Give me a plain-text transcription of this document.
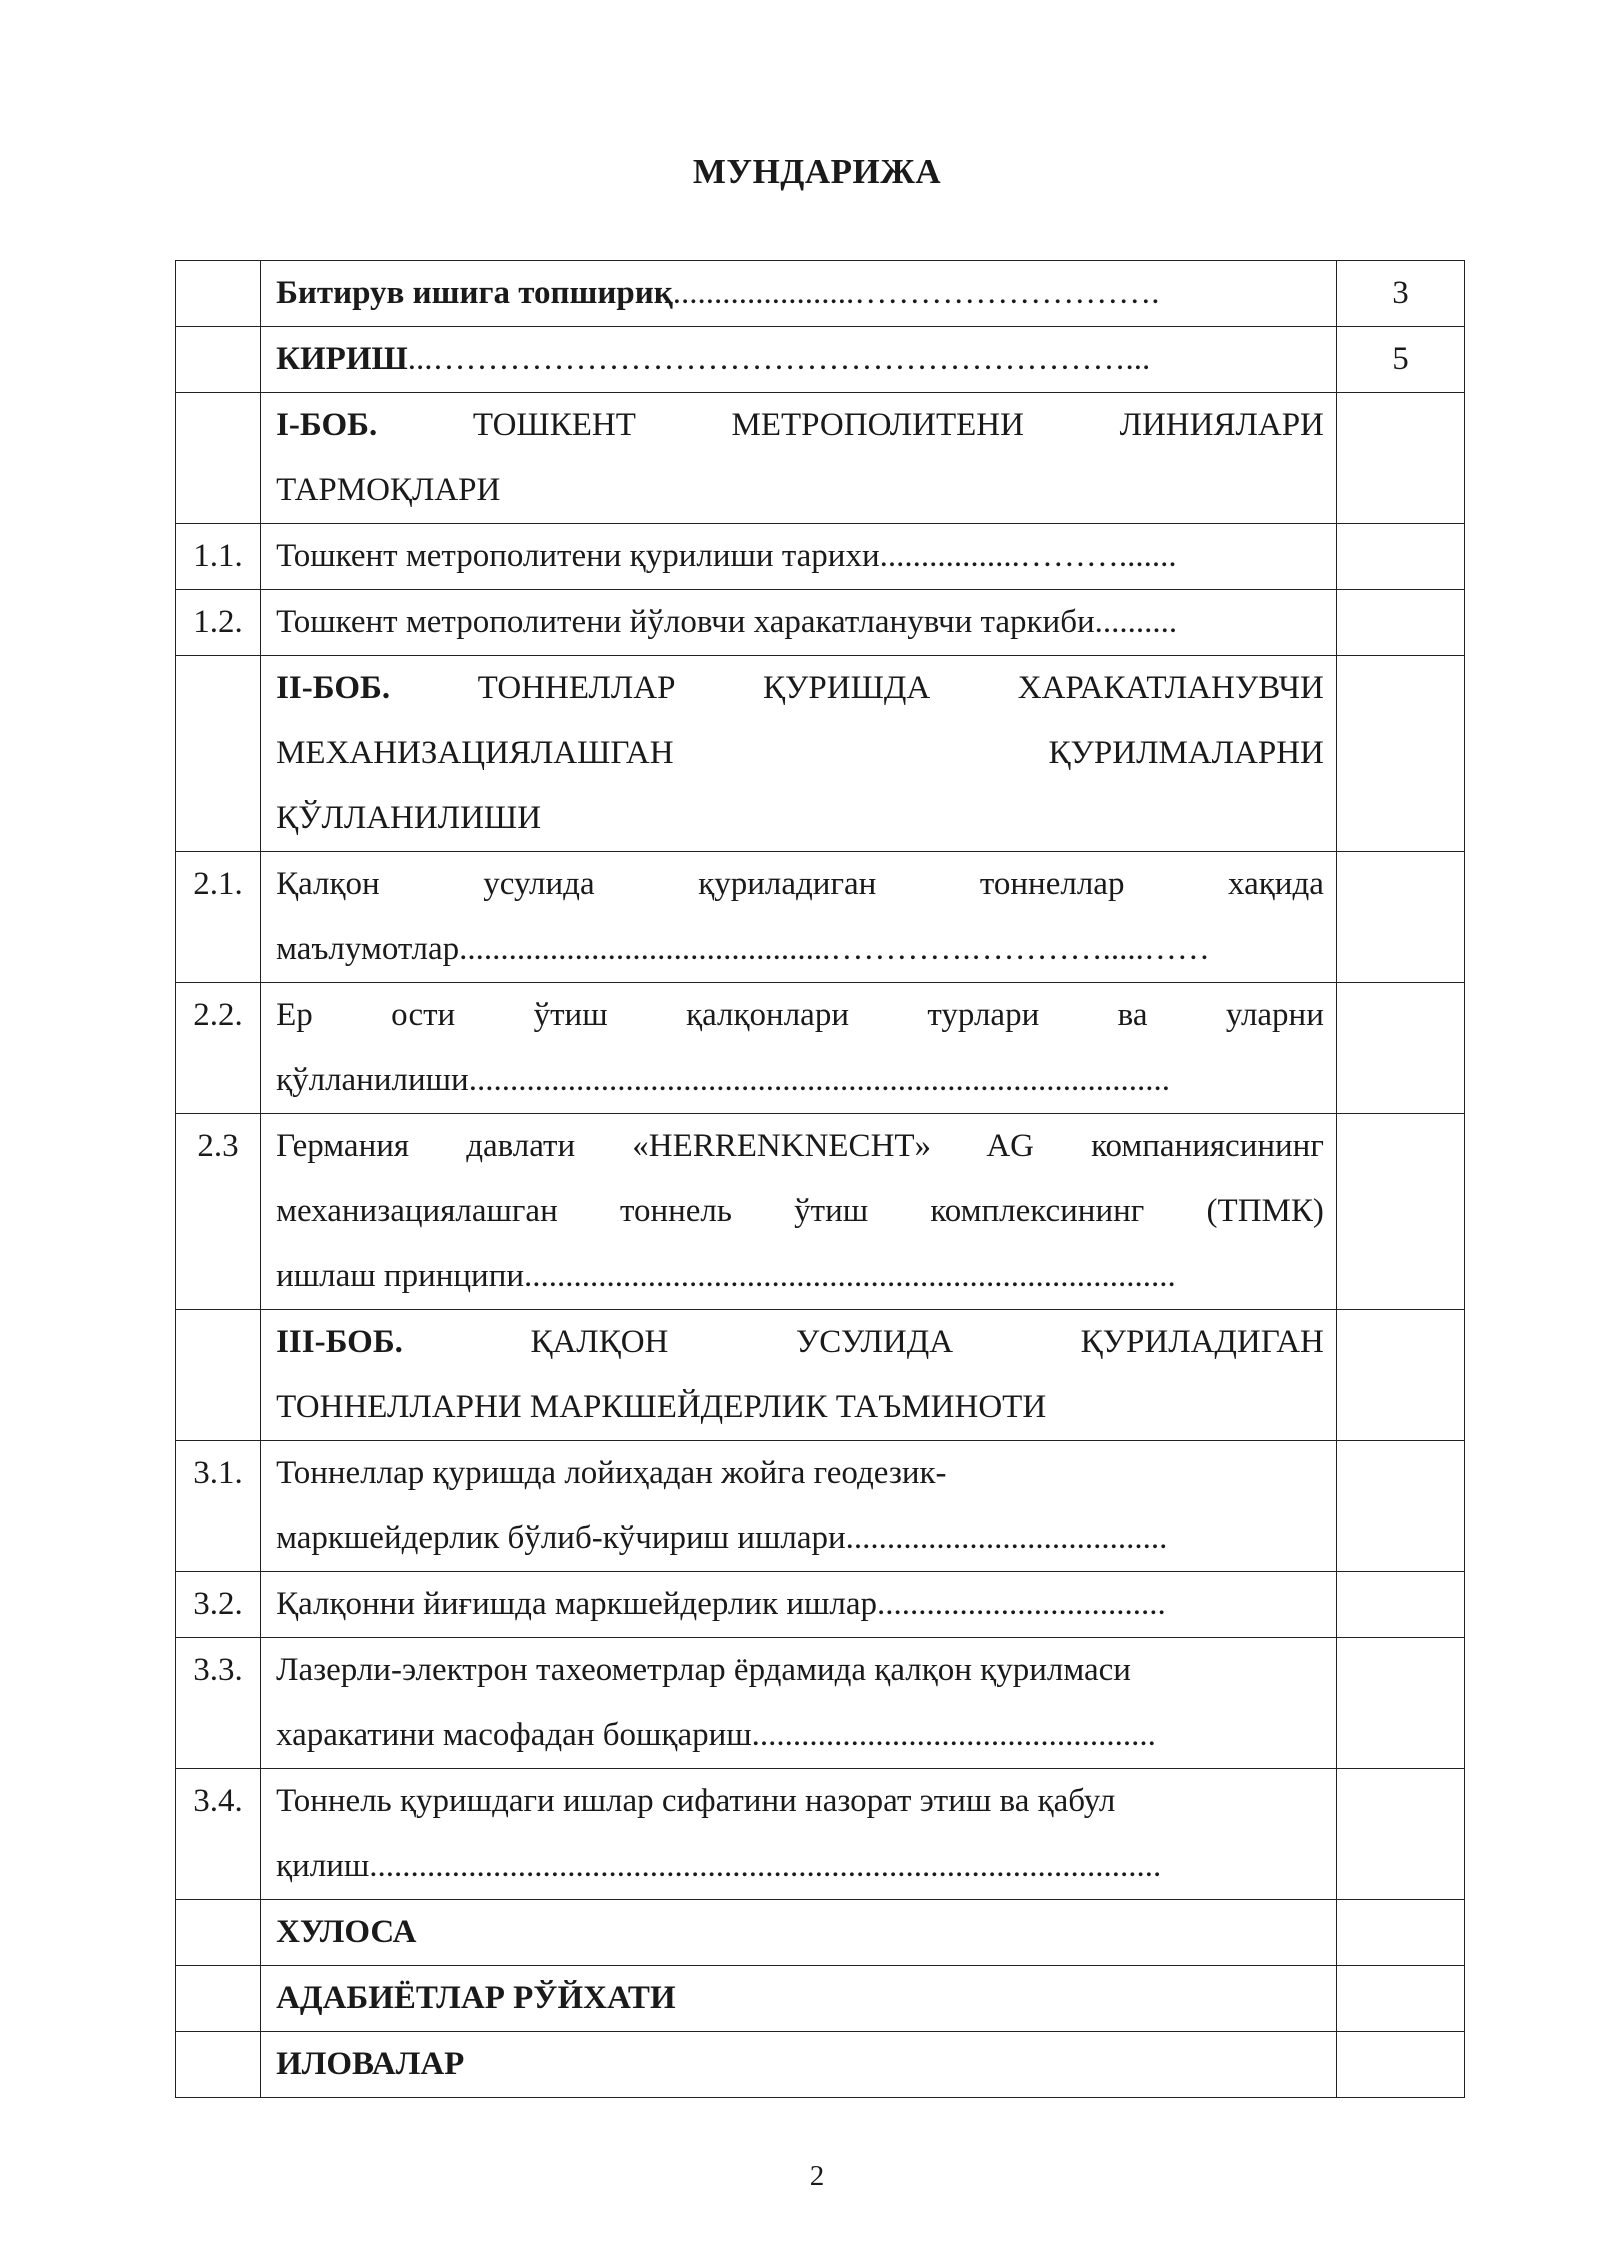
МУНДАРИЖА

	Битирув ишига топшириқ......................……………………….	3

	КИРИШ...………………………………………………………...	5

	I-БОБ. ТОШКЕНТ МЕТРОПОЛИТЕНИ ЛИНИЯЛАРИ
ТАРМОҚЛАРИ	

1.1.	Тошкент метрополитени қурилиши тарихи.................……….......	

1.2.	Тошкент метрополитени йўловчи харакатланувчи таркиби..........	

	II-БОБ. ТОННЕЛЛАР ҚУРИШДА ХАРАКАТЛАНУВЧИ
МЕХАНИЗАЦИЯЛАШГАН ҚУРИЛМАЛАРНИ
ҚЎЛЛАНИЛИШИ	

2.1.	Қалқон усулида қуриладиган тоннеллар хақида
маълумотлар.............................................………….………….....……	

2.2.	Ер ости ўтиш қалқонлари турлари ва уларни
қўлланилиши.....................................................................................	

2.3	Германия давлати «HERRENKNECHT» AG компаниясининг
механизациялашган тоннель ўтиш комплексининг (ТПМК)
ишлаш принципи...............................................................................	

	III-БОБ. ҚАЛҚОН УСУЛИДА ҚУРИЛАДИГАН
ТОННЕЛЛАРНИ МАРКШЕЙДЕРЛИК ТАЪМИНОТИ	

3.1.	Тоннеллар қуришда лойиҳадан жойга геодезик-
маркшейдерлик бўлиб-кўчириш ишлари.......................................	

3.2.	Қалқонни йиғишда маркшейдерлик ишлар...................................	

3.3.	Лазерли-электрон тахеометрлар ёрдамида қалқон қурилмаси
харакатини масофадан бошқариш.................................................	

3.4.	Тоннель қуришдаги ишлар сифатини назорат этиш ва қабул
қилиш................................................................................................	

	ХУЛОСА	

	АДАБИЁТЛАР РЎЙХАТИ	

	ИЛОВАЛАР	

2
